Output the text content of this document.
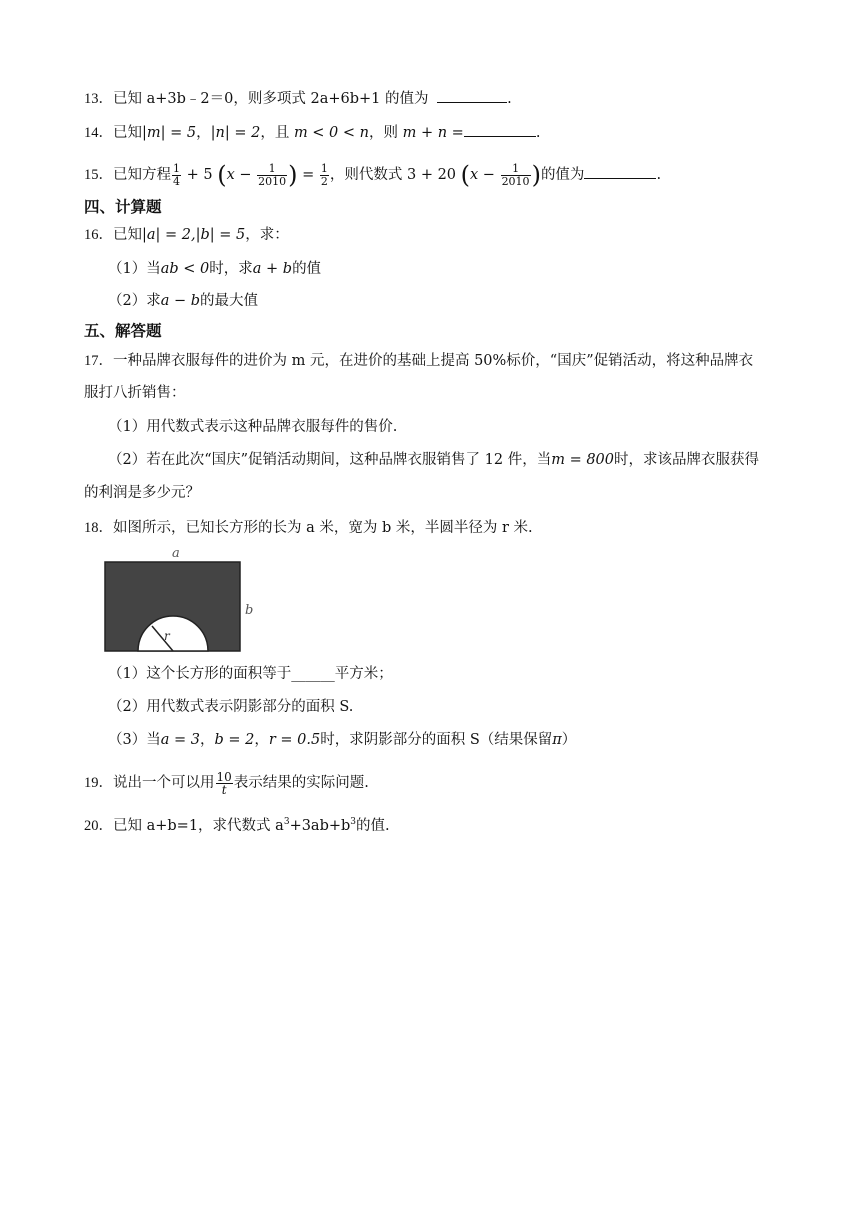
13．已知 a+3b﹣2＝0，则多项式 2a+6b+1 的值为	.
14．已知|m| = 5，|n| = 2，且 m < 0 < n，则 m + n =	.
15．已知方程 $\frac{1}{4} + 5$ ($x - \frac{1}{2010}$ ) = $\frac{1}{2}$ ，则代数式 3 + 20 ($x - \frac{1}{2010}$ )的值为	.
四、计算题
16．已知|a| = 2,|b| = 5，求：
（1）当ab < 0时，求a + b的值
（2）求a − b的最大值
五、解答题
17．一种品牌衣服每件的进价为 m 元，在进价的基础上提高 50%标价，“国庆”促销活动，将这种品牌衣
服打八折销售：
（1）用代数式表示这种品牌衣服每件的售价.
（2）若在此次“国庆”促销活动期间，这种品牌衣服销售了 12 件，当m = 800时，求该品牌衣服获得
的利润是多少元？
18．如图所示，已知长方形的长为 a 米，宽为 b 米，半圆半径为 r 米.
a
r
b
（1）这个长方形的面积等于______平方米；
（2）用代数式表示阴影部分的面积 S.
（3）当a = 3，b = 2，r = 0.5时，求阴影部分的面积 S（结果保留π）
19．说出一个可以用 $\frac{10}{t}$ 表示结果的实际问题.
20．已知 a+b=1，求代数式 $a^3+3ab+b^3$的值.
